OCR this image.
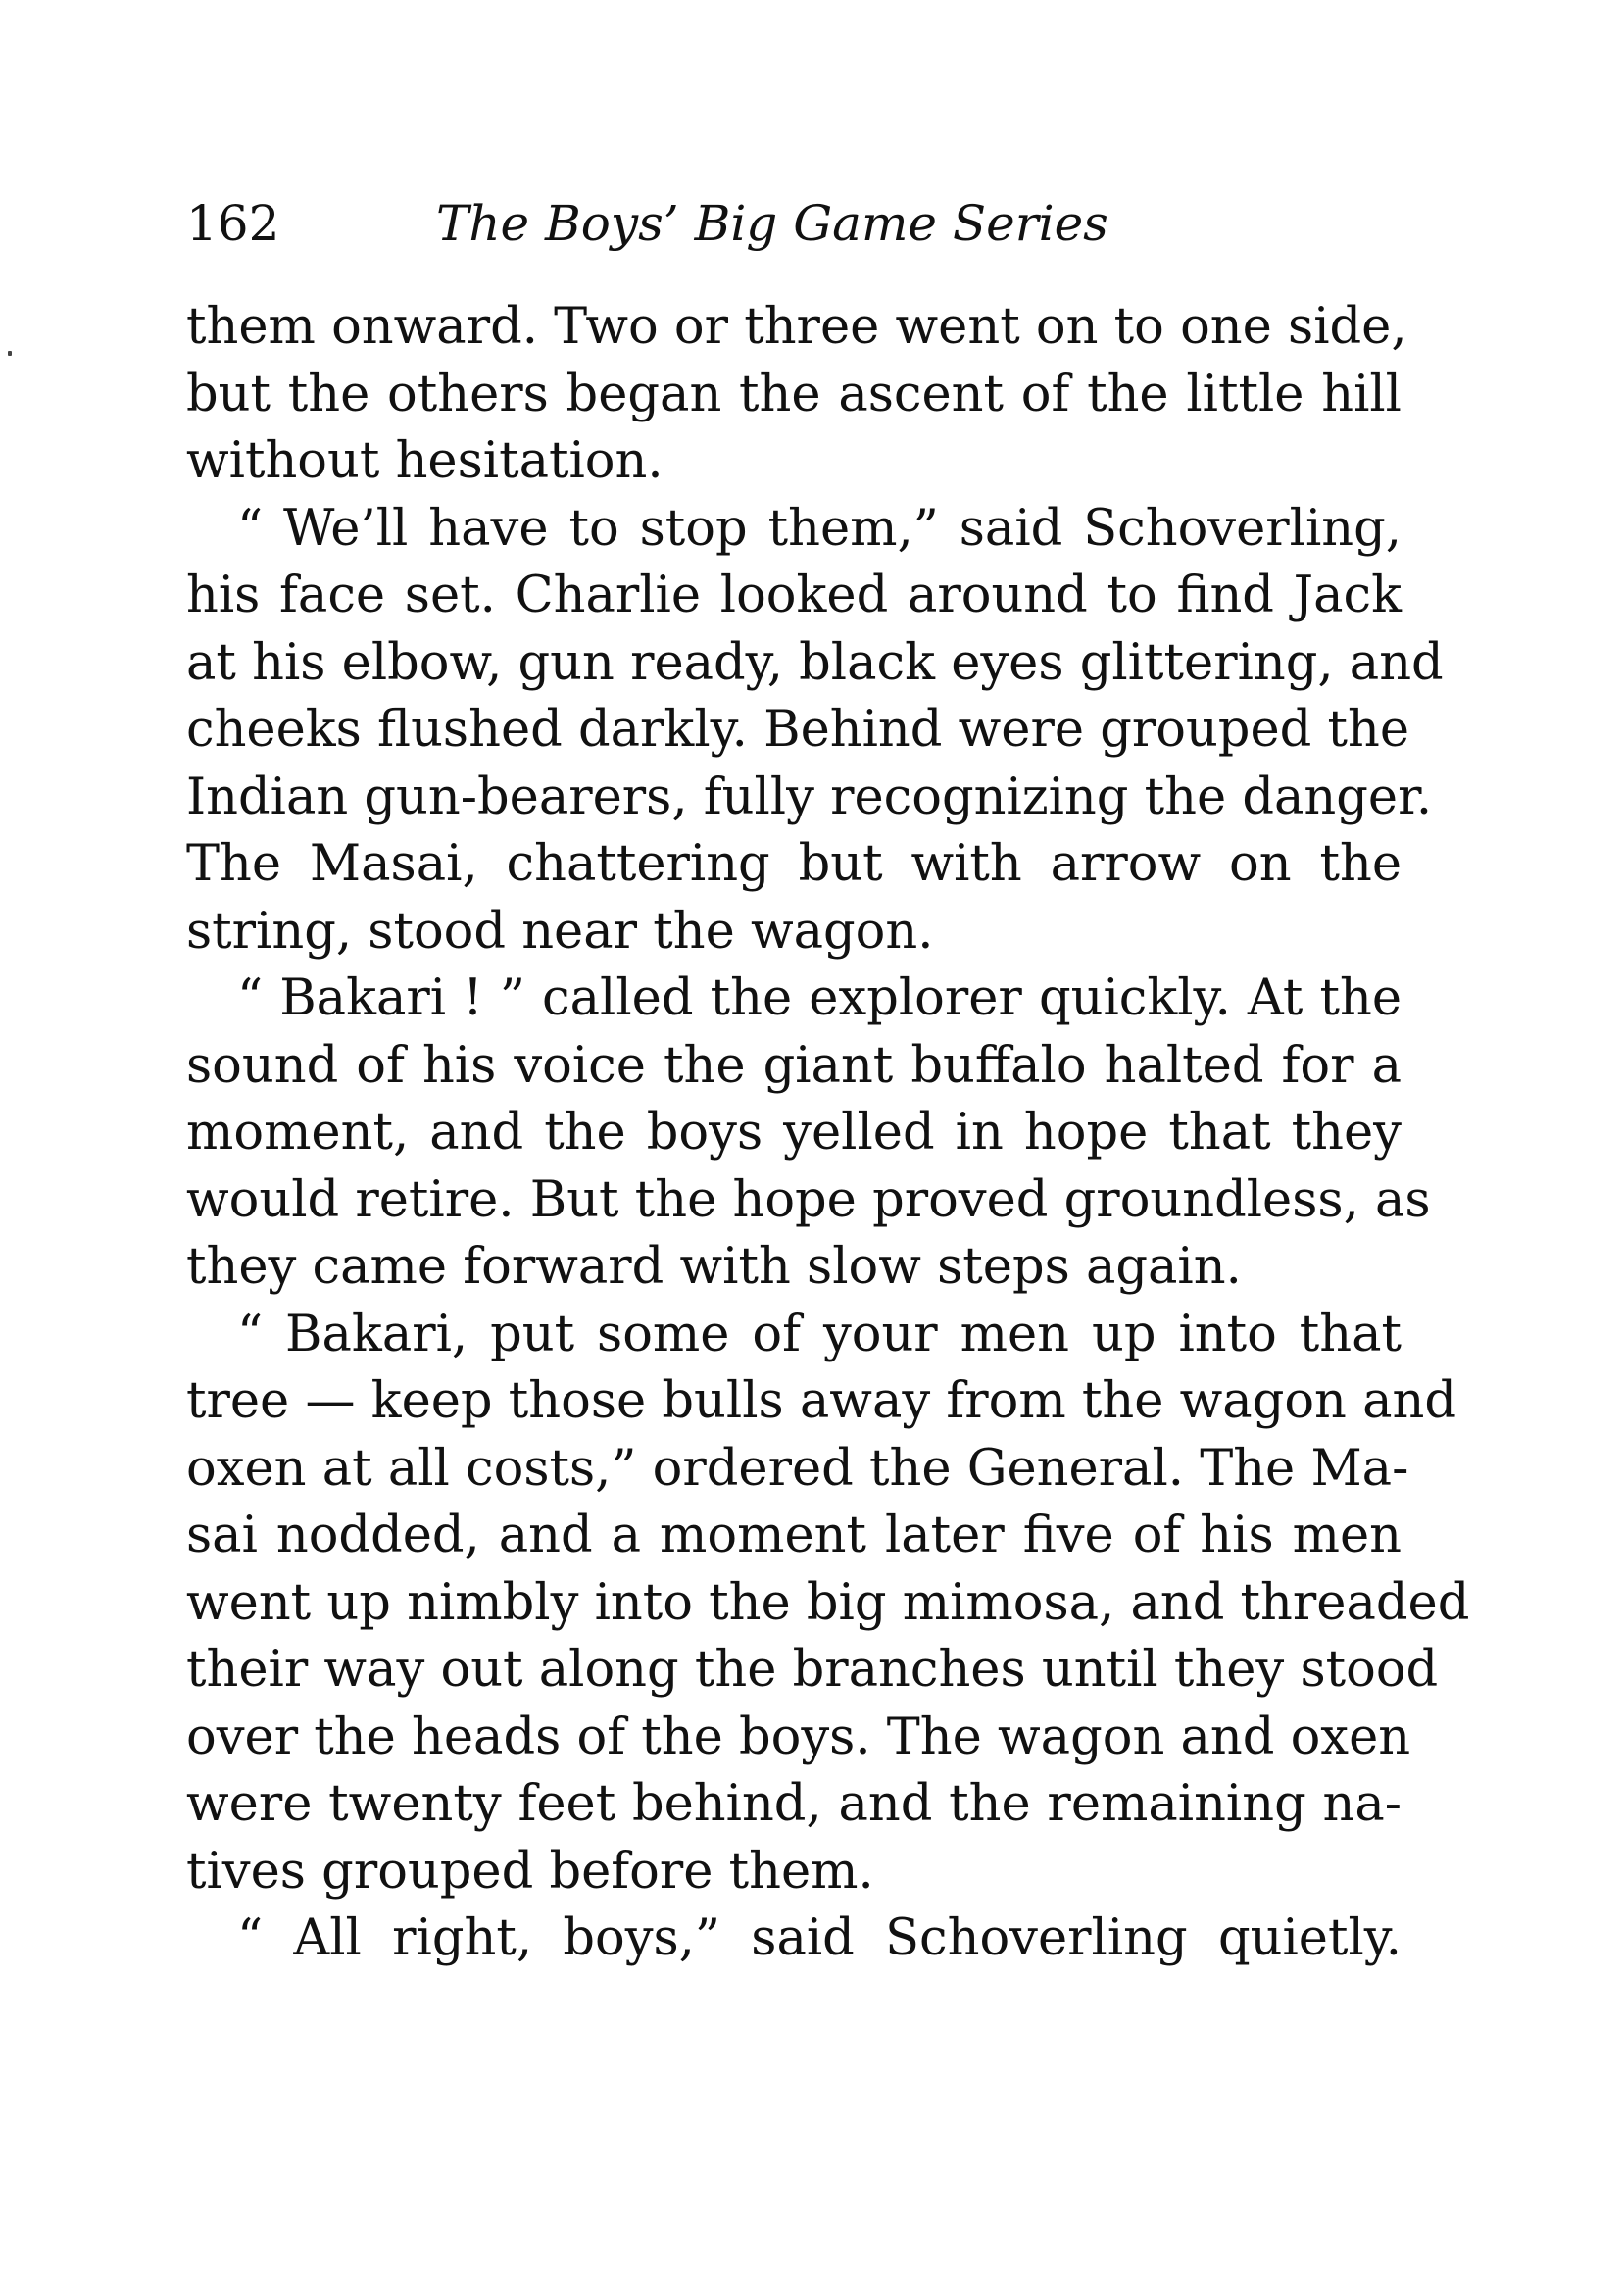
162	The Boys’ Big Game Series
them onward. Two or three went on to one side,
but the others began the ascent of the little hill
without hesitation.
“ We’ll have to stop them,” said Schoverling,
his face set. Charlie looked around to find Jack
at his elbow, gun ready, black eyes glittering, and
cheeks flushed darkly. Behind were grouped the
Indian gun-bearers, fully recognizing the danger.
The Masai, chattering but with arrow on the
string, stood near the wagon.
“ Bakari ! ” called the explorer quickly. At the
sound of his voice the giant buffalo halted for a
moment, and the boys yelled in hope that they
would retire. But the hope proved groundless, as
they came forward with slow steps again.
“ Bakari, put some of your men up into that
tree — keep those bulls away from the wagon and
oxen at all costs,” ordered the General. The Ma-
sai nodded, and a moment later five of his men
went up nimbly into the big mimosa, and threaded
their way out along the branches until they stood
over the heads of the boys. The wagon and oxen
were twenty feet behind, and the remaining na-
tives grouped before them.
“ All right, boys,” said Schoverling quietly.
